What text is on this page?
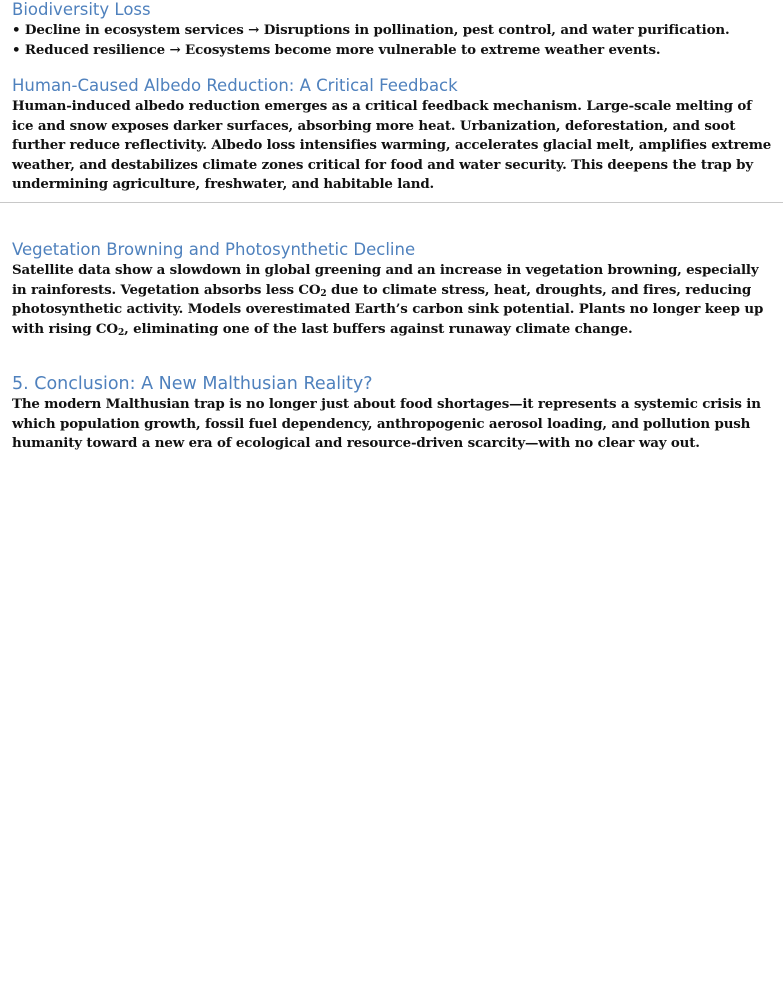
Biodiversity Loss

• Decline in ecosystem services → Disruptions in pollination, pest control, and water purification.

• Reduced resilience → Ecosystems become more vulnerable to extreme weather events.

Human-Caused Albedo Reduction: A Critical Feedback

Human-induced albedo reduction emerges as a critical feedback mechanism. Large-scale melting of ice and snow exposes darker surfaces, absorbing more heat. Urbanization, deforestation, and soot further reduce reflectivity. Albedo loss intensifies warming, accelerates glacial melt, amplifies extreme weather, and destabilizes climate zones critical for food and water security. This deepens the trap by undermining agriculture, freshwater, and habitable land.

Vegetation Browning and Photosynthetic Decline

Satellite data show a slowdown in global greening and an increase in vegetation browning, especially in rainforests. Vegetation absorbs less $CO_2$ due to climate stress, heat, droughts, and fires, reducing photosynthetic activity. Models overestimated Earth’s carbon sink potential. Plants no longer keep up with rising $CO_2$, eliminating one of the last buffers against runaway climate change.

5. Conclusion: A New Malthusian Reality?

The modern Malthusian trap is no longer just about food shortages—it represents a systemic crisis in which population growth, fossil fuel dependency, anthropogenic aerosol loading, and pollution push humanity toward a new era of ecological and resource-driven scarcity—with no clear way out.
